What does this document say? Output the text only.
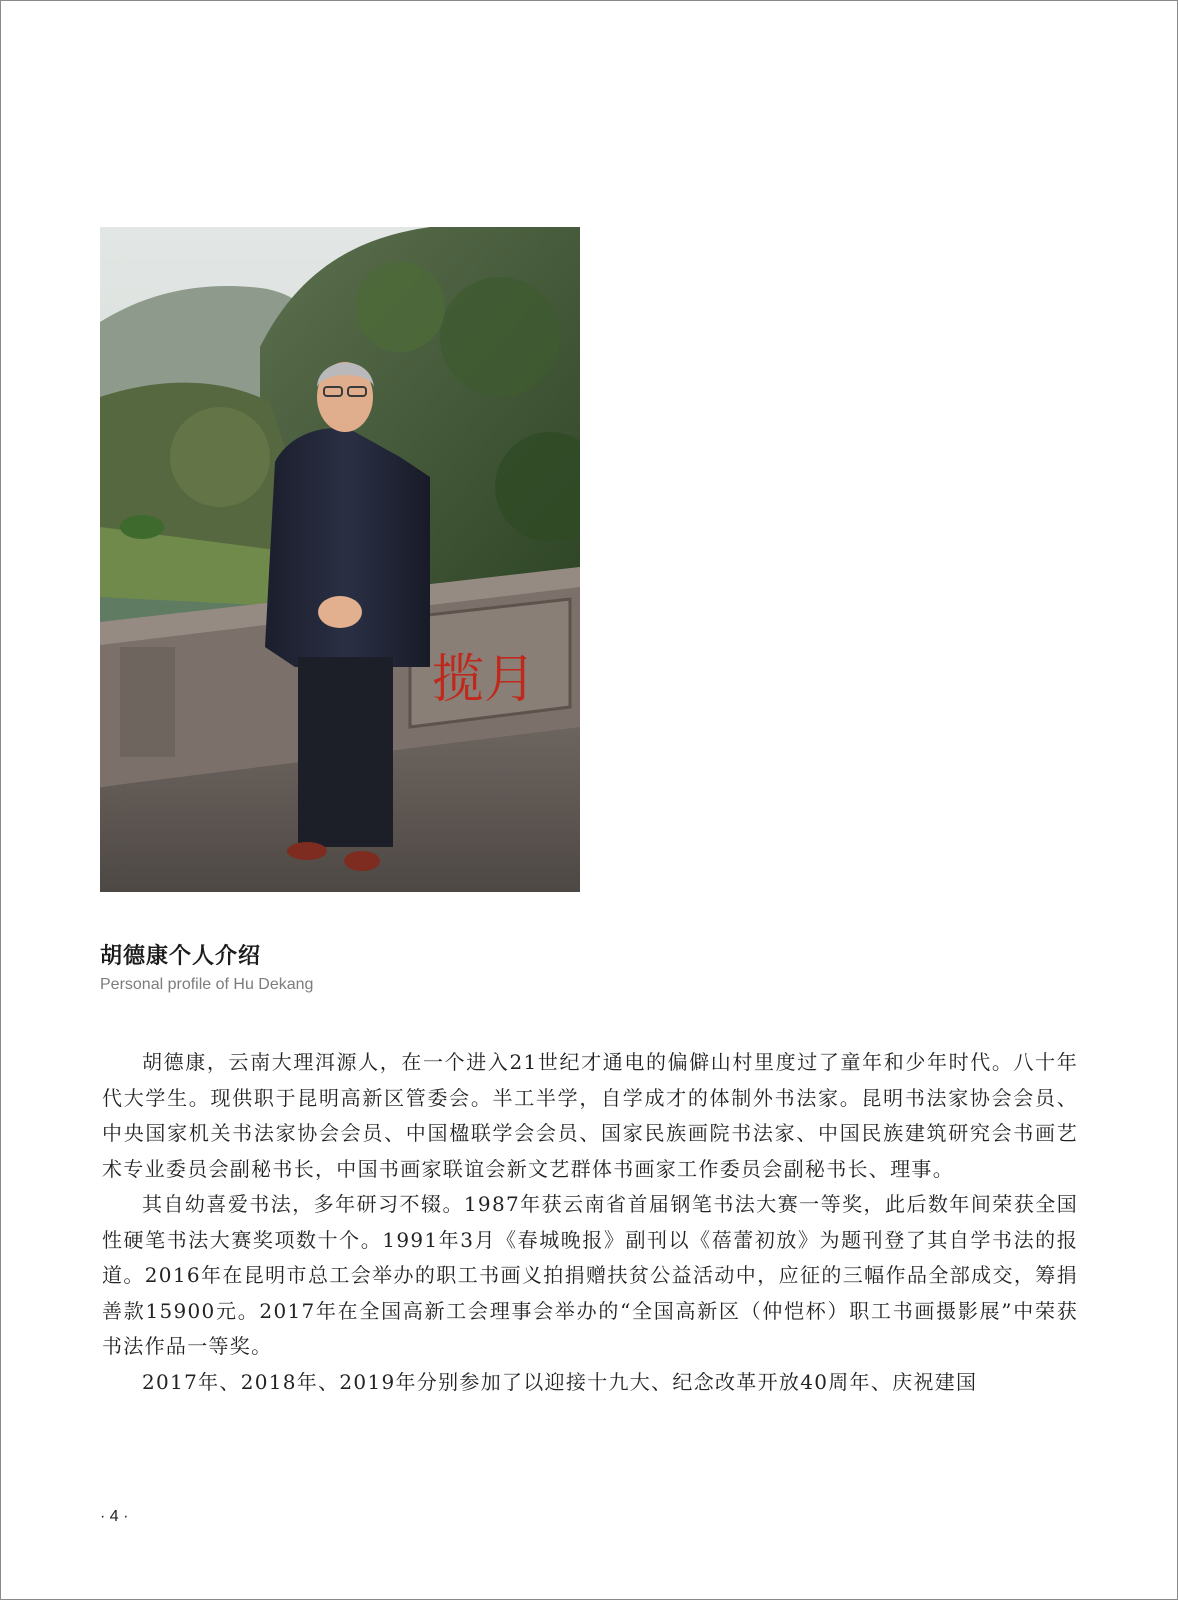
揽月
胡德康个人介绍
Personal profile of Hu Dekang

胡德康，云南大理洱源人，在一个进入21世纪才通电的偏僻山村里度过了童年和少年时代。八十年代大学生。现供职于昆明高新区管委会。半工半学，自学成才的体制外书法家。昆明书法家协会会员、中央国家机关书法家协会会员、中国楹联学会会员、国家民族画院书法家、中国民族建筑研究会书画艺术专业委员会副秘书长，中国书画家联谊会新文艺群体书画家工作委员会副秘书长、理事。

其自幼喜爱书法，多年研习不辍。1987年获云南省首届钢笔书法大赛一等奖，此后数年间荣获全国性硬笔书法大赛奖项数十个。1991年3月《春城晚报》副刊以《蓓蕾初放》为题刊登了其自学书法的报道。2016年在昆明市总工会举办的职工书画义拍捐赠扶贫公益活动中，应征的三幅作品全部成交，筹捐善款15900元。2017年在全国高新工会理事会举办的“全国高新区（仲恺杯）职工书画摄影展”中荣获书法作品一等奖。

2017年、2018年、2019年分别参加了以迎接十九大、纪念改革开放40周年、庆祝建国

· 4 ·
